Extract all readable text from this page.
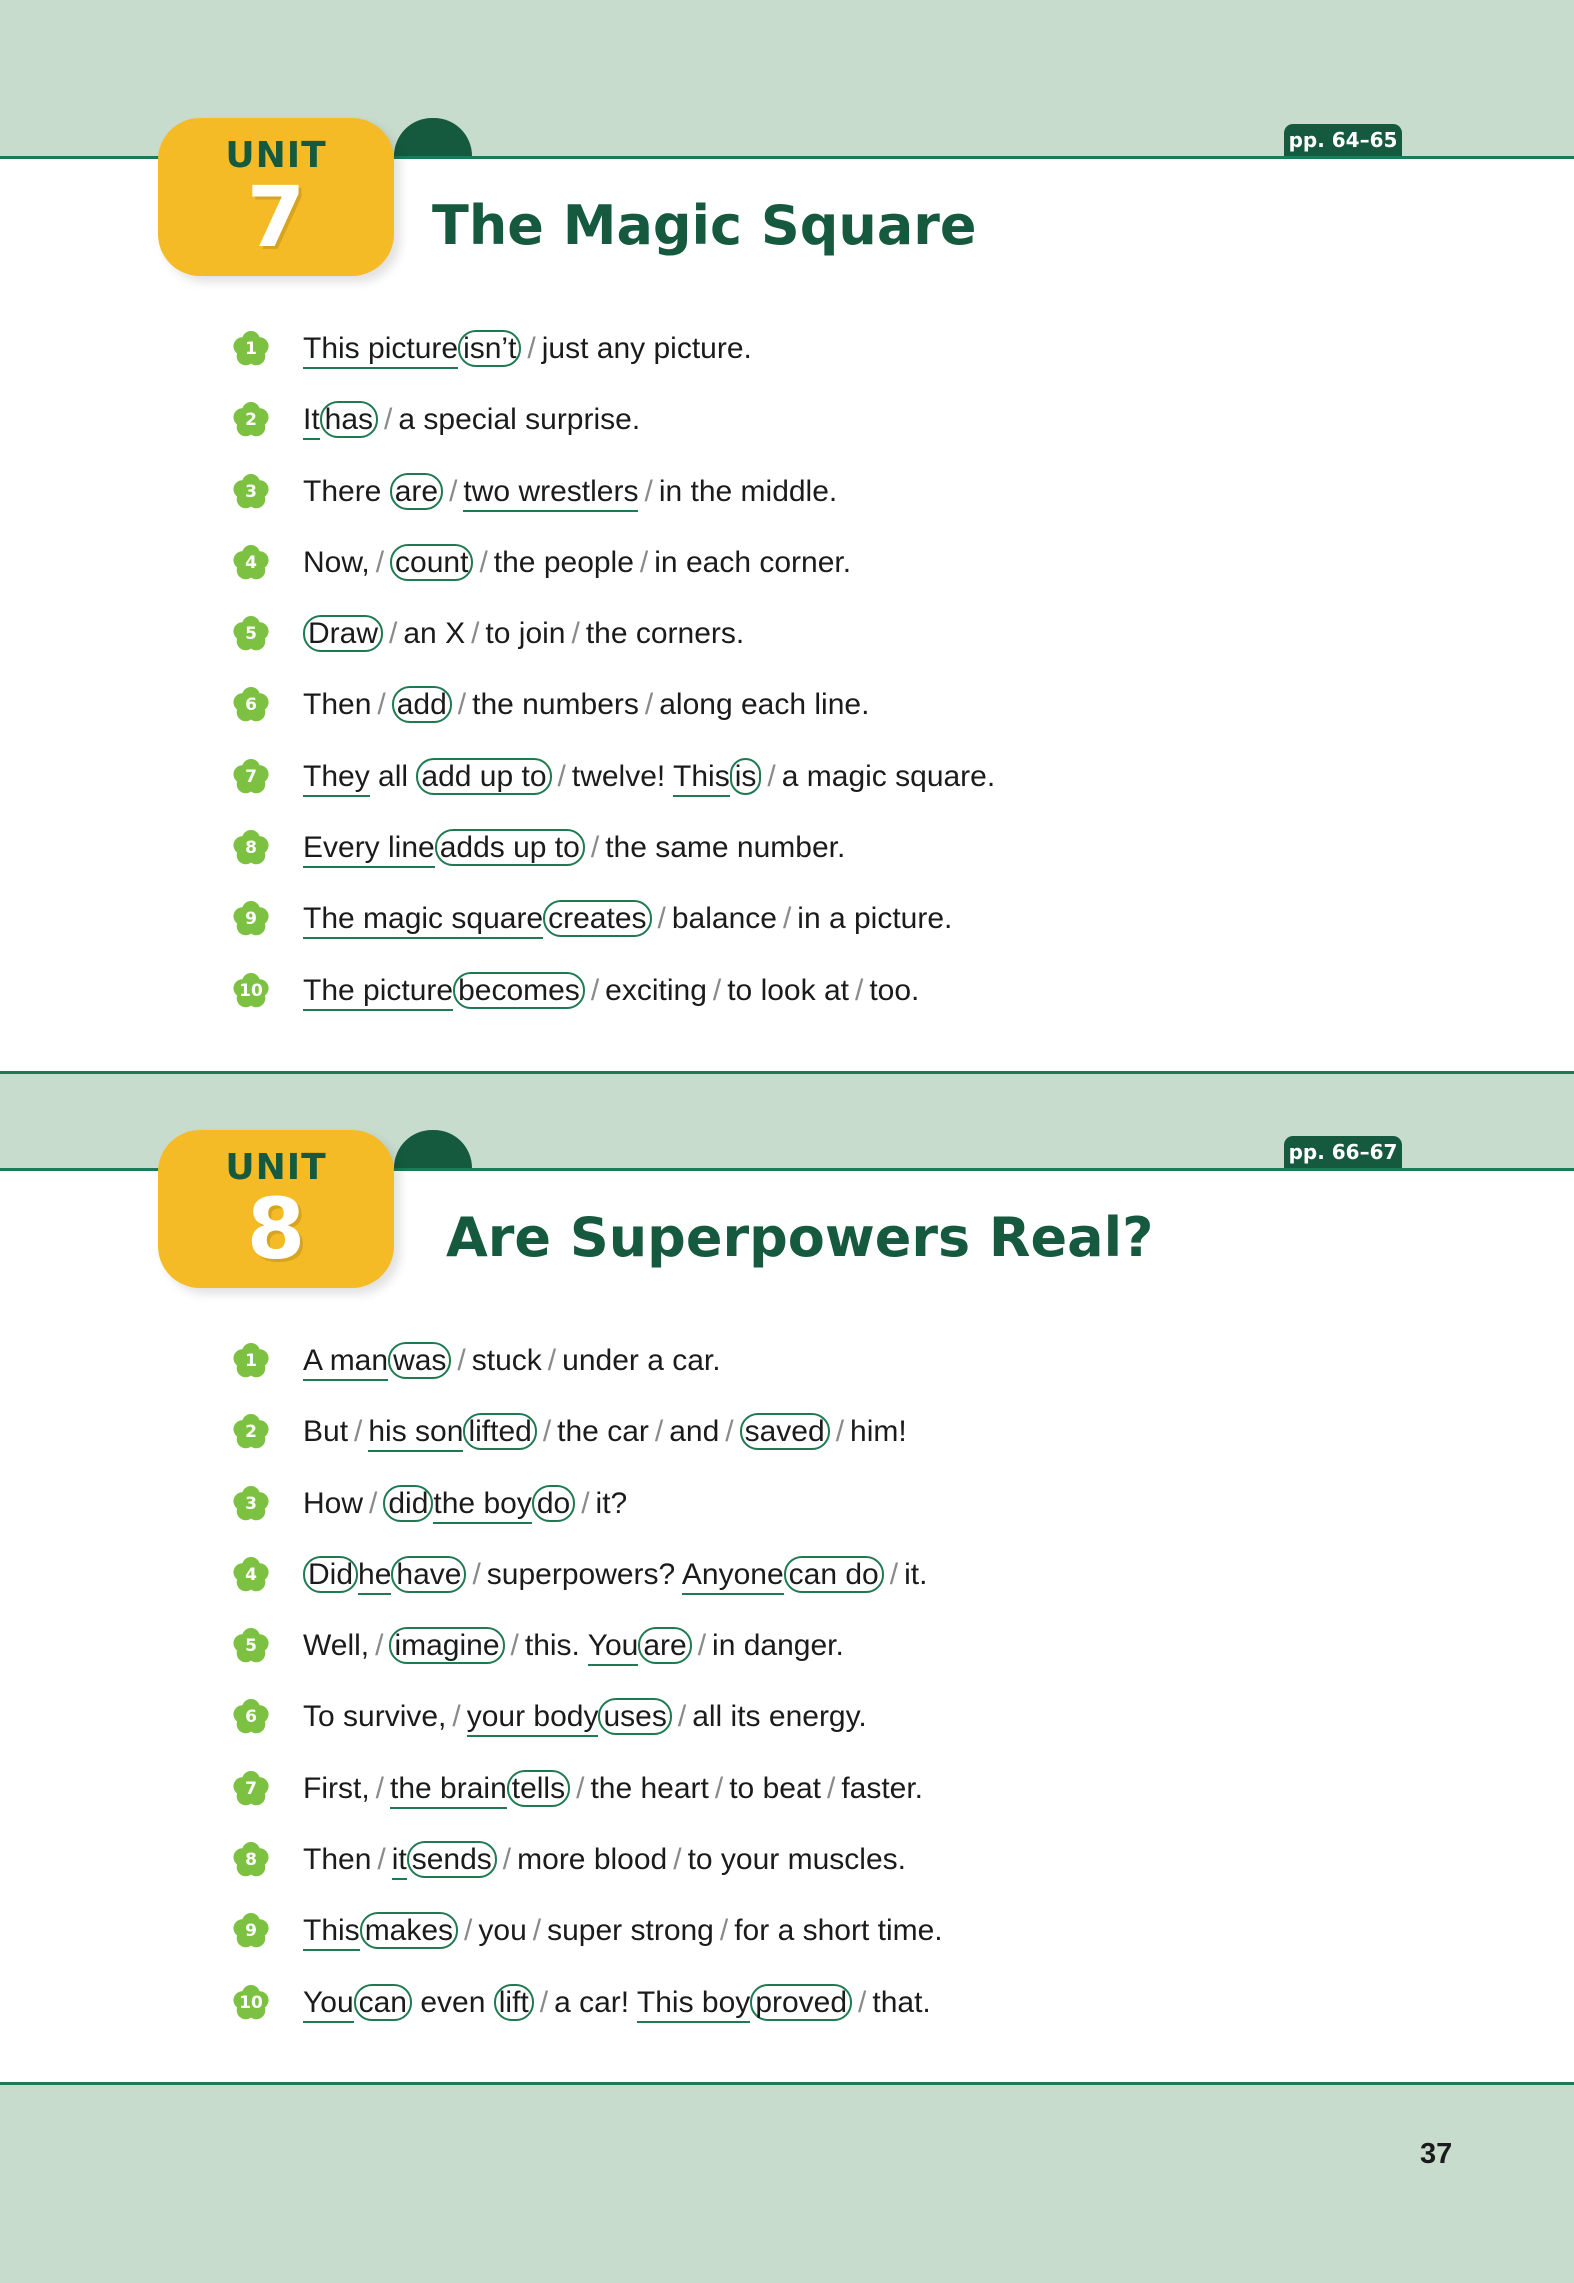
UNIT
7	The Magic Square
pp. 64–65
1	This picture isn’t / just any picture.
2	It has / a special surprise.
3	There are / two wrestlers / in the middle.
4	Now, / count / the people / in each corner.
5	Draw / an X / to join / the corners.
6	Then / add / the numbers / along each line.
7	They all add up to / twelve! This is / a magic square.
8	Every line adds up to / the same number.
9	The magic square creates / balance / in a picture.
10 The picture becomes / exciting / to look at / too.
UNIT
8	Are Superpowers Real?
pp. 66–67
1	A man was / stuck / under a car.
2	But / his son lifted / the car / and / saved / him!
3	How / did the boy do / it?
4	Did he have / superpowers? Anyone can do / it.
5	Well, / imagine / this. You are / in danger.
6	To survive, / your body uses / all its energy.
7	First, / the brain tells / the heart / to beat / faster.
8	Then / it sends / more blood / to your muscles.
9	This makes / you / super strong / for a short time.
10 You can even lift / a car! This boy proved / that.
37
